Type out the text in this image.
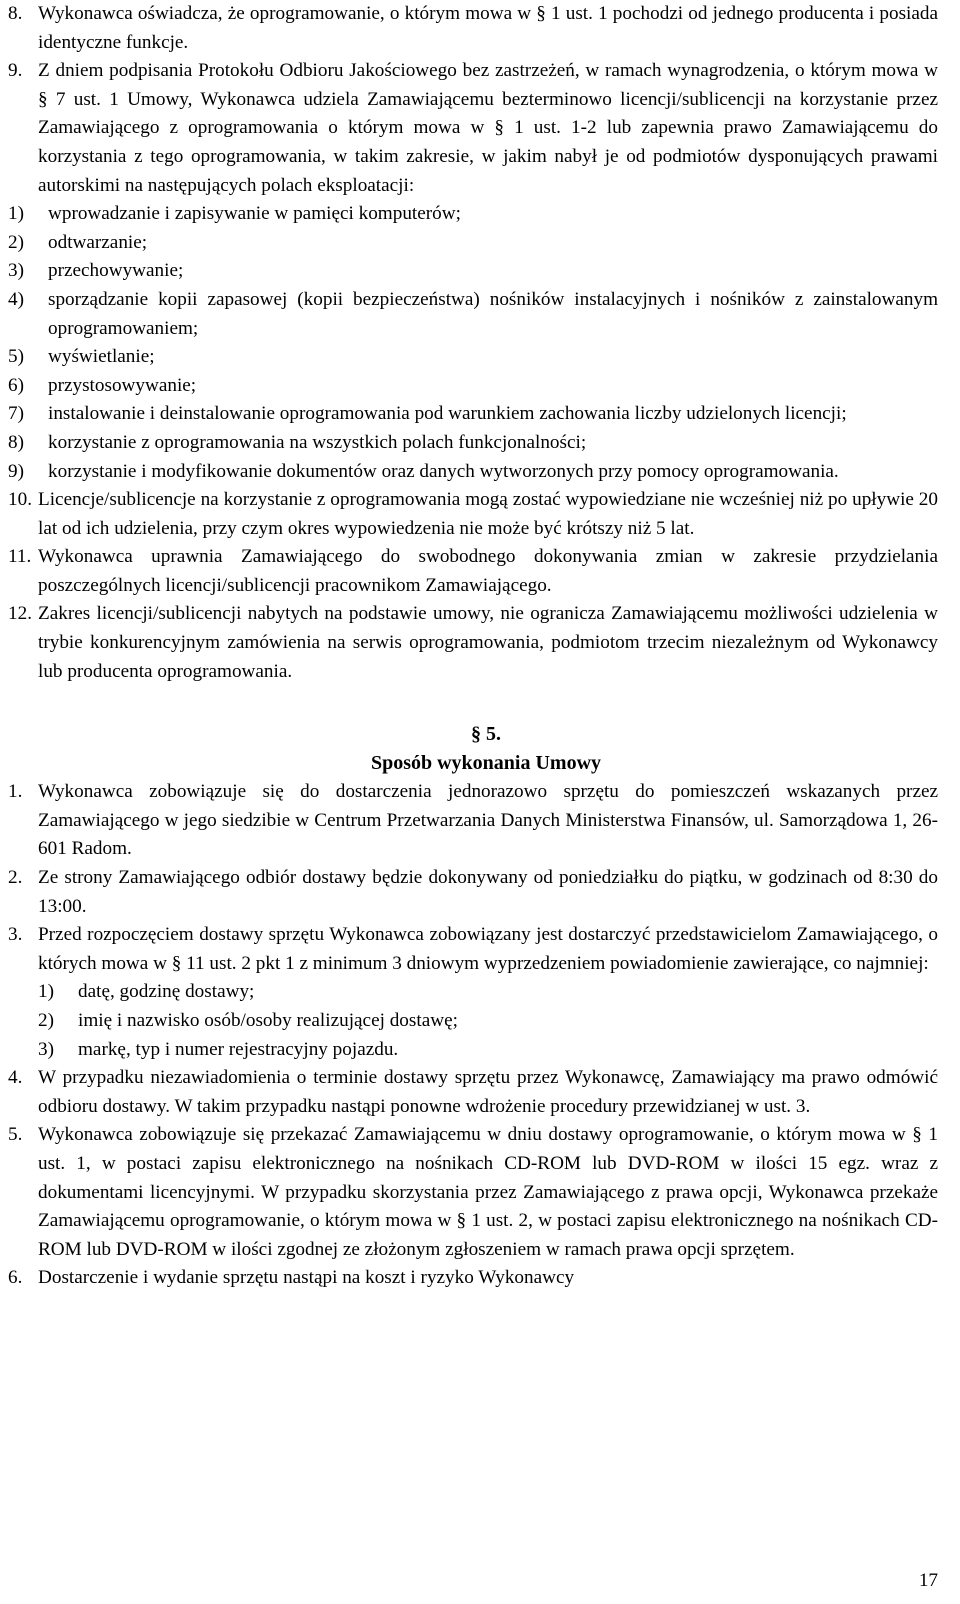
8. Wykonawca oświadcza, że oprogramowanie, o którym mowa w § 1 ust. 1 pochodzi od jednego producenta i posiada identyczne funkcje.
9. Z dniem podpisania Protokołu Odbioru Jakościowego bez zastrzeżeń, w ramach wynagrodzenia, o którym mowa w § 7 ust. 1 Umowy, Wykonawca udziela Zamawiającemu bezterminowo licencji/sublicencji na korzystanie przez Zamawiającego z oprogramowania o którym mowa w § 1 ust. 1-2 lub zapewnia prawo Zamawiającemu do korzystania z tego oprogramowania, w takim zakresie, w jakim nabył je od podmiotów dysponujących prawami autorskimi na następujących polach eksploatacji:
1)	wprowadzanie i zapisywanie w pamięci komputerów;
2)	odtwarzanie;
3)	przechowywanie;
4)	sporządzanie kopii zapasowej (kopii bezpieczeństwa) nośników instalacyjnych i nośników z zainstalowanym oprogramowaniem;
5)	wyświetlanie;
6)	przystosowywanie;
7)	instalowanie i deinstalowanie oprogramowania pod warunkiem zachowania liczby udzielonych licencji;
8)	korzystanie z oprogramowania na wszystkich polach funkcjonalności;
9)	korzystanie i modyfikowanie dokumentów oraz danych wytworzonych przy pomocy oprogramowania.
10. Licencje/sublicencje na korzystanie z oprogramowania mogą zostać wypowiedziane nie wcześniej niż po upływie 20 lat od ich udzielenia, przy czym okres wypowiedzenia nie może być krótszy niż 5 lat.
11. Wykonawca uprawnia Zamawiającego do swobodnego dokonywania zmian w zakresie przydzielania poszczególnych licencji/sublicencji pracownikom Zamawiającego.
12. Zakres licencji/sublicencji nabytych na podstawie umowy, nie ogranicza Zamawiającemu możliwości udzielenia w trybie konkurencyjnym zamówienia na serwis oprogramowania, podmiotom trzecim niezależnym od Wykonawcy lub producenta oprogramowania.
§ 5.
Sposób wykonania Umowy
1. Wykonawca zobowiązuje się do dostarczenia jednorazowo sprzętu do pomieszczeń wskazanych przez Zamawiającego w jego siedzibie w Centrum Przetwarzania Danych Ministerstwa Finansów, ul. Samorządowa 1, 26-601 Radom.
2. Ze strony Zamawiającego odbiór dostawy będzie dokonywany od poniedziałku do piątku, w godzinach od 8:30 do 13:00.
3. Przed rozpoczęciem dostawy sprzętu Wykonawca zobowiązany jest dostarczyć przedstawicielom Zamawiającego, o których mowa w § 11 ust. 2 pkt 1 z minimum 3 dniowym wyprzedzeniem powiadomienie zawierające, co najmniej:
1)	datę, godzinę dostawy;
2)	imię i nazwisko osób/osoby realizującej dostawę;
3)	markę, typ i numer rejestracyjny pojazdu.
4. W przypadku niezawiadomienia o terminie dostawy sprzętu przez Wykonawcę, Zamawiający ma prawo odmówić odbioru dostawy. W takim przypadku nastąpi ponowne wdrożenie procedury przewidzianej w ust. 3.
5. Wykonawca zobowiązuje się przekazać Zamawiającemu w dniu dostawy oprogramowanie, o którym mowa w § 1 ust. 1, w postaci zapisu elektronicznego na nośnikach CD-ROM lub DVD-ROM w ilości 15 egz. wraz z dokumentami licencyjnymi. W przypadku skorzystania przez Zamawiającego z prawa opcji, Wykonawca przekaże Zamawiającemu oprogramowanie, o którym mowa w § 1 ust. 2, w postaci zapisu elektronicznego na nośnikach CD-ROM lub DVD-ROM w ilości zgodnej ze złożonym zgłoszeniem w ramach prawa opcji sprzętem.
6. Dostarczenie i wydanie sprzętu nastąpi na koszt i ryzyko Wykonawcy
17
